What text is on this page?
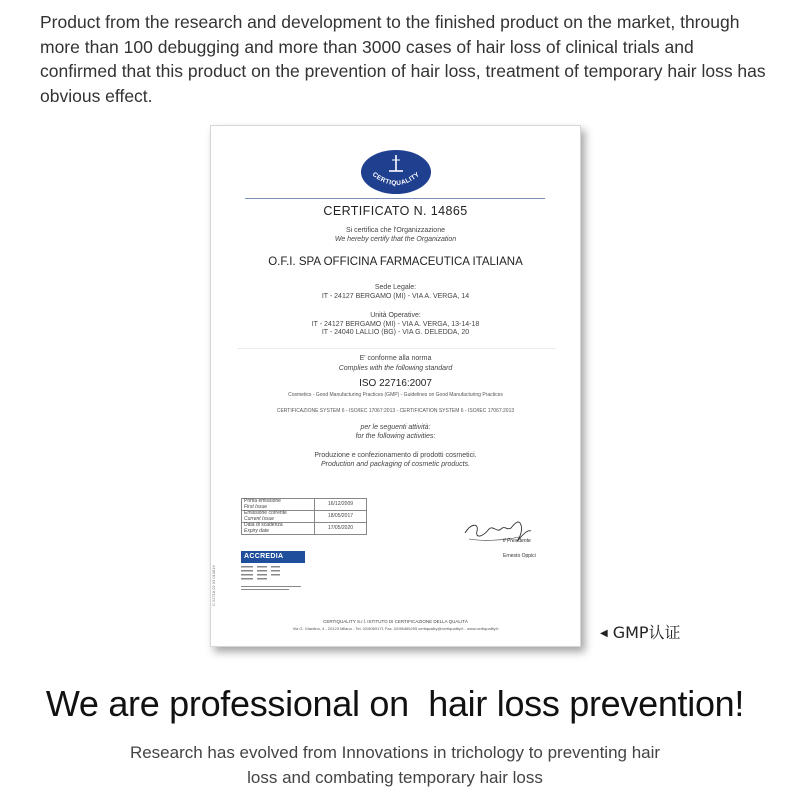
Product from the research and development to the finished product on the market, through more than 100 debugging and more than 3000 cases of hair loss of clinical trials and confirmed that this product on the prevention of hair loss, treatment of temporary hair loss has obvious effect.

CERTIQUALITY
CERTIFICATO N. 14865
Si certifica che l'Organizzazione
We hereby certify that the Organization
O.F.I. SPA OFFICINA FARMACEUTICA ITALIANA
Sede Legale:
IT - 24127 BERGAMO (MI) - VIA A. VERGA, 14
Unità Operative:
IT - 24127 BERGAMO (MI) - VIA A. VERGA, 13-14-18
IT - 24040 LALLIO (BG) - VIA G. DELEDDA, 20
E' conforme alla norma
Complies with the following standard
ISO 22716:2007
Cosmetics - Good Manufacturing Practices (GMP) - Guidelines on Good Manufacturing Practices
CERTIFICAZIONE SYSTEM 6 - ISO/IEC 17067:2013 - CERTIFICATION SYSTEM 6 - ISO/IEC 17067:2013
per le seguenti attività:
for the following activities:
Produzione e confezionamento di prodotti cosmetici.
Production and packaging of cosmetic products.
Prima emissione
First Issue	16/12/2009

Emissione corrente
Current Issue	18/05/2017

Data di scadenza
Expiry date	17/05/2020
ACCREDIA
Il Presidente
Ernesto Oppici
C 22718 02 03 010816
CERTIQUALITY S.r.l. ISTITUTO DI CERTIFICAZIONE DELLA QUALITÀ
Via G. Giardino, 4 - 20123 Milano - Tel. 02/8069171 Fax. 02/86465295 certiquality@certiquality.it - www.certiquality.it	◀ GMP认证
We are professional on  hair loss prevention!
Research has evolved from Innovations in trichology to preventing hair
loss and combating temporary hair loss
